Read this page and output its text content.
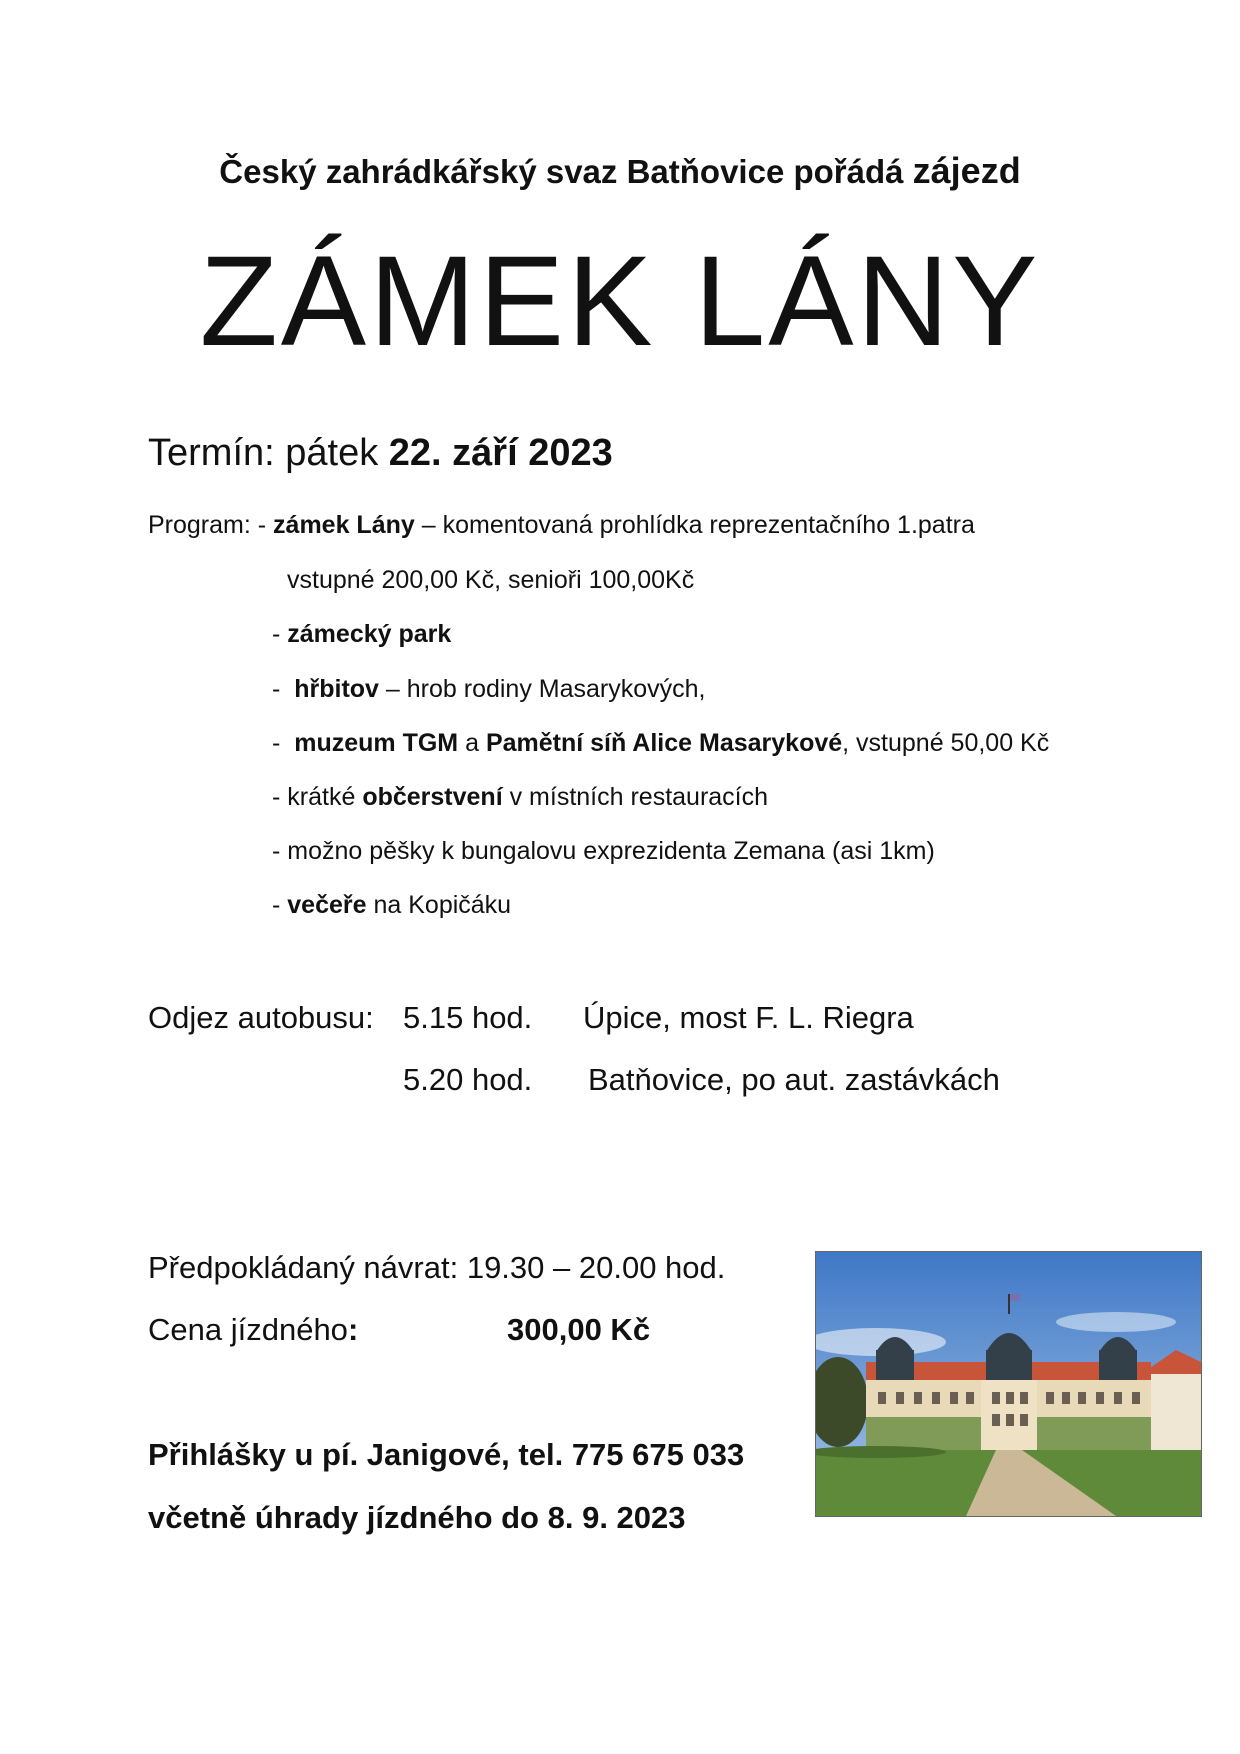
Český zahrádkářský svaz Batňovice pořádá zájezd
ZÁMEK LÁNY
Termín: pátek 22. září 2023
Program: - zámek Lány – komentovaná prohlídka reprezentačního 1.patra
vstupné 200,00 Kč, senioři 100,00Kč
- zámecký park
- hřbitov – hrob rodiny Masarykových,
- muzeum TGM a Pamětní síň Alice Masarykové, vstupné 50,00 Kč
- krátké občerstvení v místních restauracích
- možno pěšky k bungalovu exprezidenta Zemana (asi 1km)
- večeře na Kopičáku
Odjez autobusu: 5.15 hod. Úpice, most F. L. Riegra
5.20 hod. Batňovice, po aut. zastávkách
Předpokládaný návrat: 19.30 – 20.00 hod.
Cena jízdného:	300,00 Kč
Přihlášky u pí. Janigové, tel. 775 675 033
včetně úhrady jízdného do 8. 9. 2023
